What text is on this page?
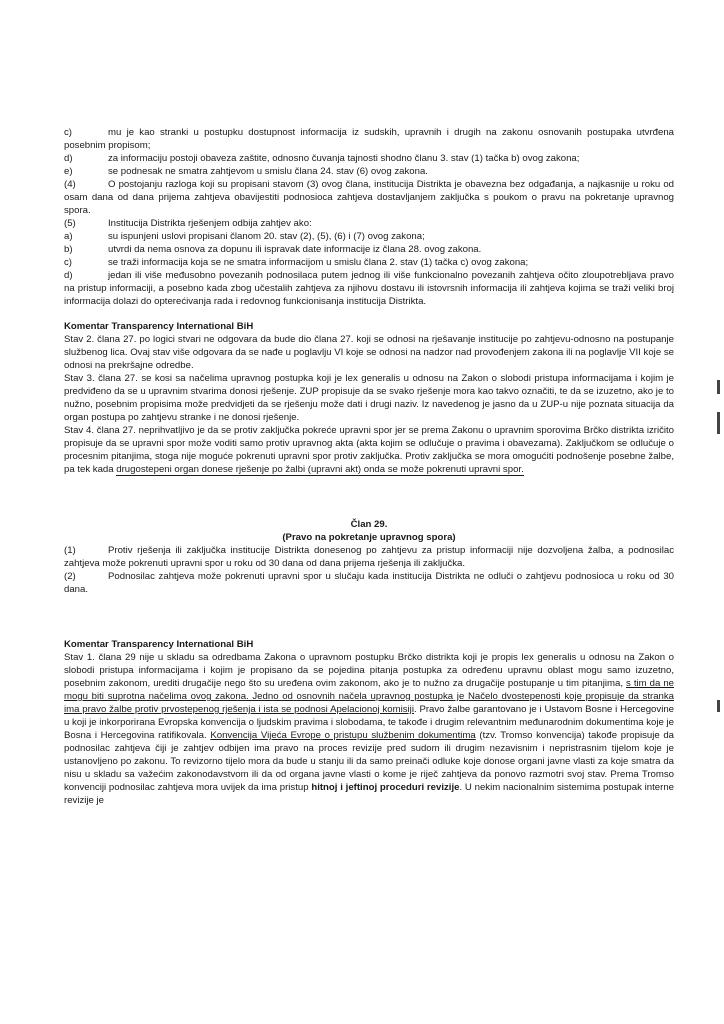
c)	mu je kao stranki u postupku dostupnost informacija iz sudskih, upravnih i drugih na zakonu osnovanih postupaka utvrđena posebnim propisom;
d)	za informaciju postoji obaveza zaštite, odnosno čuvanja tajnosti shodno članu 3. stav (1) tačka b) ovog zakona;
e)	se podnesak ne smatra zahtjevom u smislu člana 24. stav (6) ovog zakona.
(4)	O postojanju razloga koji su propisani stavom (3) ovog člana, institucija Distrikta je obavezna bez odgađanja, a najkasnije u roku od osam dana od dana prijema zahtjeva obavijestiti podnosioca zahtjeva dostavljanjem zaključka s poukom o pravu na pokretanje upravnog spora.
(5)	Institucija Distrikta rješenjem odbija zahtjev ako:
a)	su ispunjeni uslovi propisani članom 20. stav (2), (5), (6) i (7) ovog zakona;
b)	utvrdi da nema osnova za dopunu ili ispravak date informacije iz člana 28. ovog zakona.
c)	se traži informacija koja se ne smatra informacijom u smislu člana 2. stav (1) tačka c) ovog zakona;
d)	jedan ili više međusobno povezanih podnosilaca putem jednog ili više funkcionalno povezanih zahtjeva očito zloupotrebljava pravo na pristup informaciji, a posebno kada zbog učestalih zahtjeva za njihovu dostavu ili istovrsnih informacija ili zahtjeva kojima se traži veliki broj informacija dolazi do opterećivanja rada i redovnog funkcionisanja institucija Distrikta.

Komentar Transparency International BiH

Stav 2. člana 27. po logici stvari ne odgovara da bude dio člana 27. koji se odnosi na rješavanje institucije po zahtjevu-odnosno na postupanje službenog lica. Ovaj stav više odgovara da se nađe u poglavlju VI koje se odnosi na nadzor nad provođenjem zakona ili na poglavlje VII koje se odnosi na prekršajne odredbe.

Stav 3. člana 27. se kosi sa načelima upravnog postupka koji je lex generalis u odnosu na Zakon o slobodi pristupa informacijama i kojim je predviđeno da se u upravnim stvarima donosi rješenje. ZUP propisuje da se svako rješenje mora kao takvo označiti, te da se izuzetno, ako je to nužno, posebnim propisima može predvidjeti da se rješenju može dati i drugi naziv. Iz navedenog je jasno da u ZUP-u nije poznata situacija da organ postupa po zahtjevu stranke i ne donosi rješenje.

Stav 4. člana 27. neprihvatljivo je da se protiv zaključka pokreće upravni spor jer se prema Zakonu o upravnim sporovima Brčko distrikta izričito propisuje da se upravni spor može voditi samo protiv upravnog akta (akta kojim se odlučuje o pravima i obavezama). Zaključkom se odlučuje o procesnim pitanjima, stoga nije moguće pokrenuti upravni spor protiv zaključka. Protiv zaključka se mora omogućiti podnošenje posebne žalbe, pa tek kada drugostepeni organ donese rješenje po žalbi (upravni akt) onda se može pokrenuti upravni spor.

Član 29.

(Pravo na pokretanje upravnog spora)

(1)	Protiv rješenja ili zaključka institucije Distrikta donesenog po zahtjevu za pristup informaciji nije dozvoljena žalba, a podnosilac zahtjeva može pokrenuti upravni spor u roku od 30 dana od dana prijema rješenja ili zaključka.
(2)	Podnosilac zahtjeva može pokrenuti upravni spor u slučaju kada institucija Distrikta ne odluči o zahtjevu podnosioca u roku od 30 dana.

Komentar Transparency International BiH

Stav 1. člana 29 nije u skladu sa odredbama Zakona o upravnom postupku Brčko distrikta koji je propis lex generalis u odnosu na Zakon o slobodi pristupa informacijama i kojim je propisano da se pojedina pitanja postupka za određenu upravnu oblast mogu samo izuzetno, posebnim zakonom, urediti drugačije nego što su uređena ovim zakonom, ako je to nužno za drugačije postupanje u tim pitanjima, s tim da ne mogu biti suprotna načelima ovog zakona. Jedno od osnovnih načela upravnog postupka je Načelo dvostepenosti koje propisuje da stranka ima pravo žalbe protiv prvostepenog rješenja i ista se podnosi Apelacionoj komisiji. Pravo žalbe garantovano je i Ustavom Bosne i Hercegovine u koji je inkorporirana Evropska konvencija o ljudskim pravima i slobodama, te takođe i drugim relevantnim međunarodnim dokumentima koje je Bosna i Hercegovina ratifikovala. Konvencija Vijeća Evrope o pristupu službenim dokumentima (tzv. Tromso konvencija) takođe propisuje da podnosilac zahtjeva čiji je zahtjev odbijen ima pravo na proces revizije pred sudom ili drugim nezavisnim i nepristrasnim tijelom koje je ustanovljeno po zakonu. To revizorno tijelo mora da bude u stanju ili da samo preinači odluke koje donose organi javne vlasti za koje smatra da nisu u skladu sa važećim zakonodavstvom ili da od organa javne vlasti o kome je riječ zahtjeva da ponovo razmotri svoj stav. Prema Tromso konvenciji podnosilac zahtjeva mora uvijek da ima pristup hitnoj i jeftinoj proceduri revizije. U nekim nacionalnim sistemima postupak interne revizije je
